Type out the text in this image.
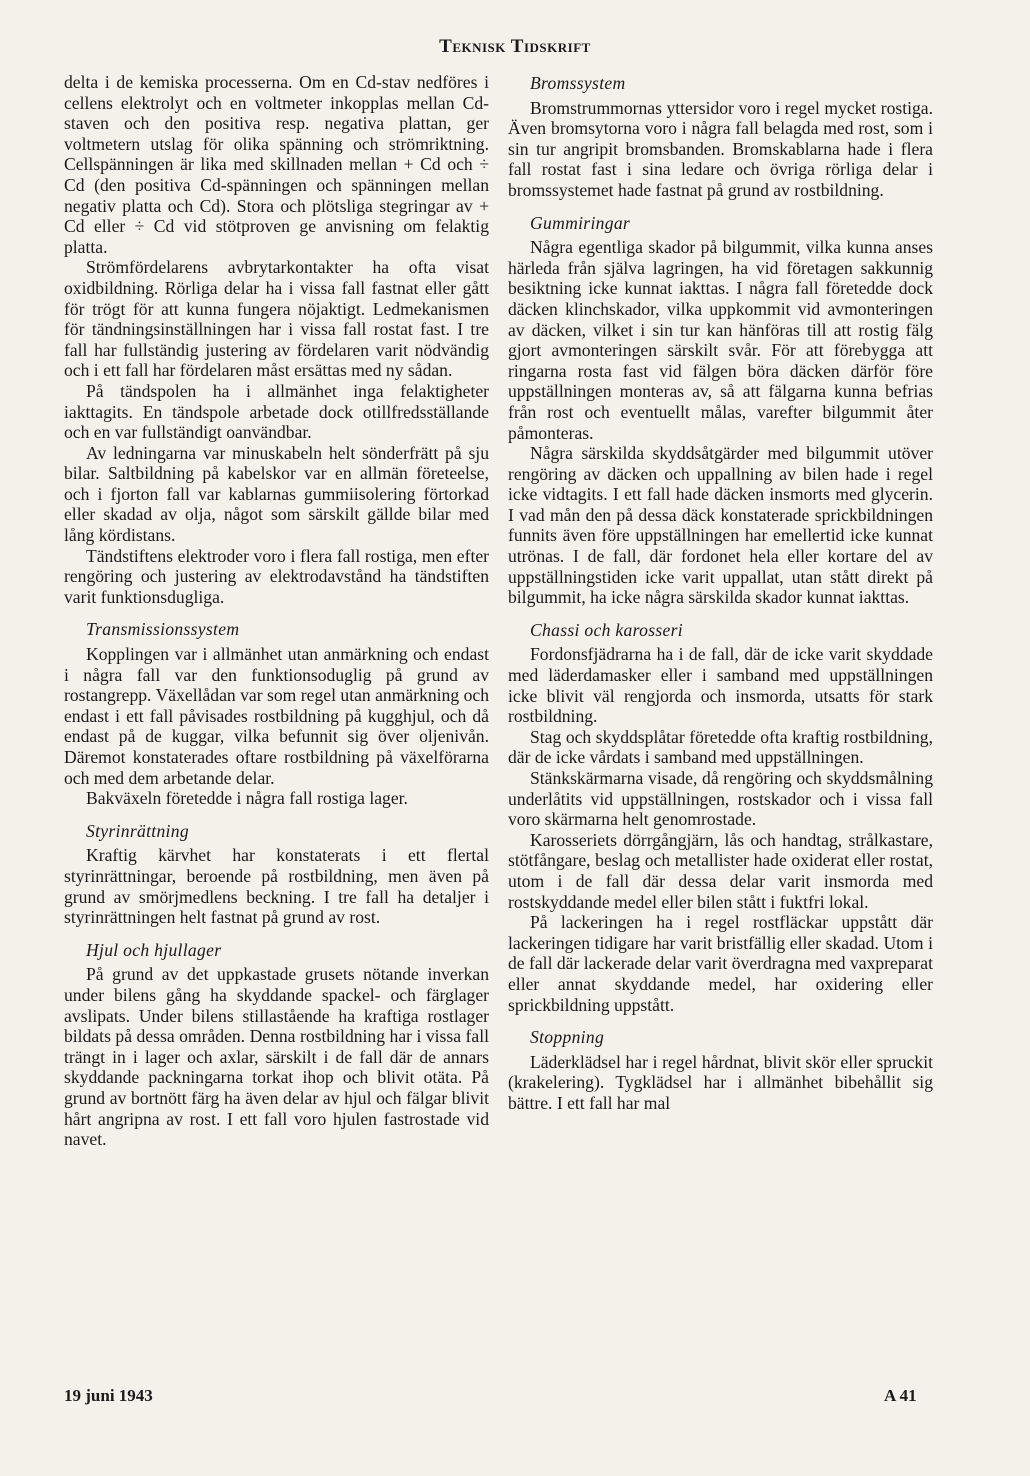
Teknisk Tidskrift

delta i de kemiska processerna. Om en Cd-stav nedföres i cellens elektrolyt och en voltmeter inkopplas mellan Cd-staven och den positiva resp. negativa plattan, ger voltmetern utslag för olika spänning och strömriktning. Cellspänningen är lika med skillnaden mellan + Cd och ÷ Cd (den positiva Cd-spänningen och spänningen mellan negativ platta och Cd). Stora och plötsliga stegringar av + Cd eller ÷ Cd vid stötproven ge anvisning om felaktig platta.

Strömfördelarens avbrytarkontakter ha ofta visat oxidbildning. Rörliga delar ha i vissa fall fastnat eller gått för trögt för att kunna fungera nöjaktigt. Ledmekanismen för tändningsinställningen har i vissa fall rostat fast. I tre fall har fullständig justering av fördelaren varit nödvändig och i ett fall har fördelaren måst ersättas med ny sådan.

På tändspolen ha i allmänhet inga felaktigheter iakttagits. En tändspole arbetade dock otillfredsställande och en var fullständigt oanvändbar.

Av ledningarna var minuskabeln helt sönderfrätt på sju bilar. Saltbildning på kabelskor var en allmän företeelse, och i fjorton fall var kablarnas gummiisolering förtorkad eller skadad av olja, något som särskilt gällde bilar med lång kördistans.

Tändstiftens elektroder voro i flera fall rostiga, men efter rengöring och justering av elektrodavstånd ha tändstiften varit funktionsdugliga.

Transmissionssystem

Kopplingen var i allmänhet utan anmärkning och endast i några fall var den funktionsoduglig på grund av rostangrepp. Växellådan var som regel utan anmärkning och endast i ett fall påvisades rostbildning på kugghjul, och då endast på de kuggar, vilka befunnit sig över oljenivån. Däremot konstaterades oftare rostbildning på växelförarna och med dem arbetande delar.

Bakväxeln företedde i några fall rostiga lager.

Styrinrättning

Kraftig kärvhet har konstaterats i ett flertal styrinrättningar, beroende på rostbildning, men även på grund av smörjmedlens beckning. I tre fall ha detaljer i styrinrättningen helt fastnat på grund av rost.

Hjul och hjullager

På grund av det uppkastade grusets nötande inverkan under bilens gång ha skyddande spackel- och färglager avslipats. Under bilens stillastående ha kraftiga rostlager bildats på dessa områden. Denna rostbildning har i vissa fall trängt in i lager och axlar, särskilt i de fall där de annars skyddande packningarna torkat ihop och blivit otäta. På grund av bortnött färg ha även delar av hjul och fälgar blivit hårt angripna av rost. I ett fall voro hjulen fastrostade vid navet.

Bromssystem

Bromstrummornas yttersidor voro i regel mycket rostiga. Även bromsytorna voro i några fall belagda med rost, som i sin tur angripit bromsbanden. Bromskablarna hade i flera fall rostat fast i sina ledare och övriga rörliga delar i bromssystemet hade fastnat på grund av rostbildning.

Gummiringar

Några egentliga skador på bilgummit, vilka kunna anses härleda från själva lagringen, ha vid företagen sakkunnig besiktning icke kunnat iakttas. I några fall företedde dock däcken klinchskador, vilka uppkommit vid avmonteringen av däcken, vilket i sin tur kan hänföras till att rostig fälg gjort avmonteringen särskilt svår. För att förebygga att ringarna rosta fast vid fälgen böra däcken därför före uppställningen monteras av, så att fälgarna kunna befrias från rost och eventuellt målas, varefter bilgummit åter påmonteras.

Några särskilda skyddsåtgärder med bilgummit utöver rengöring av däcken och uppallning av bilen hade i regel icke vidtagits. I ett fall hade däcken insmorts med glycerin. I vad mån den på dessa däck konstaterade sprickbildningen funnits även före uppställningen har emellertid icke kunnat utrönas. I de fall, där fordonet hela eller kortare del av uppställningstiden icke varit uppallat, utan stått direkt på bilgummit, ha icke några särskilda skador kunnat iakttas.

Chassi och karosseri

Fordonsfjädrarna ha i de fall, där de icke varit skyddade med läderdamasker eller i samband med uppställningen icke blivit väl rengjorda och insmorda, utsatts för stark rostbildning.

Stag och skyddsplåtar företedde ofta kraftig rostbildning, där de icke vårdats i samband med uppställningen.

Stänkskärmarna visade, då rengöring och skyddsmålning underlåtits vid uppställningen, rostskador och i vissa fall voro skärmarna helt genomrostade.

Karosseriets dörrgångjärn, lås och handtag, strålkastare, stötfångare, beslag och metallister hade oxiderat eller rostat, utom i de fall där dessa delar varit insmorda med rostskyddande medel eller bilen stått i fuktfri lokal.

På lackeringen ha i regel rostfläckar uppstått där lackeringen tidigare har varit bristfällig eller skadad. Utom i de fall där lackerade delar varit överdragna med vaxpreparat eller annat skyddande medel, har oxidering eller sprickbildning uppstått.

Stoppning

Läderklädsel har i regel hårdnat, blivit skör eller spruckit (krakelering). Tygklädsel har i allmänhet bibehållit sig bättre. I ett fall har mal

19 juni 1943	A 41
